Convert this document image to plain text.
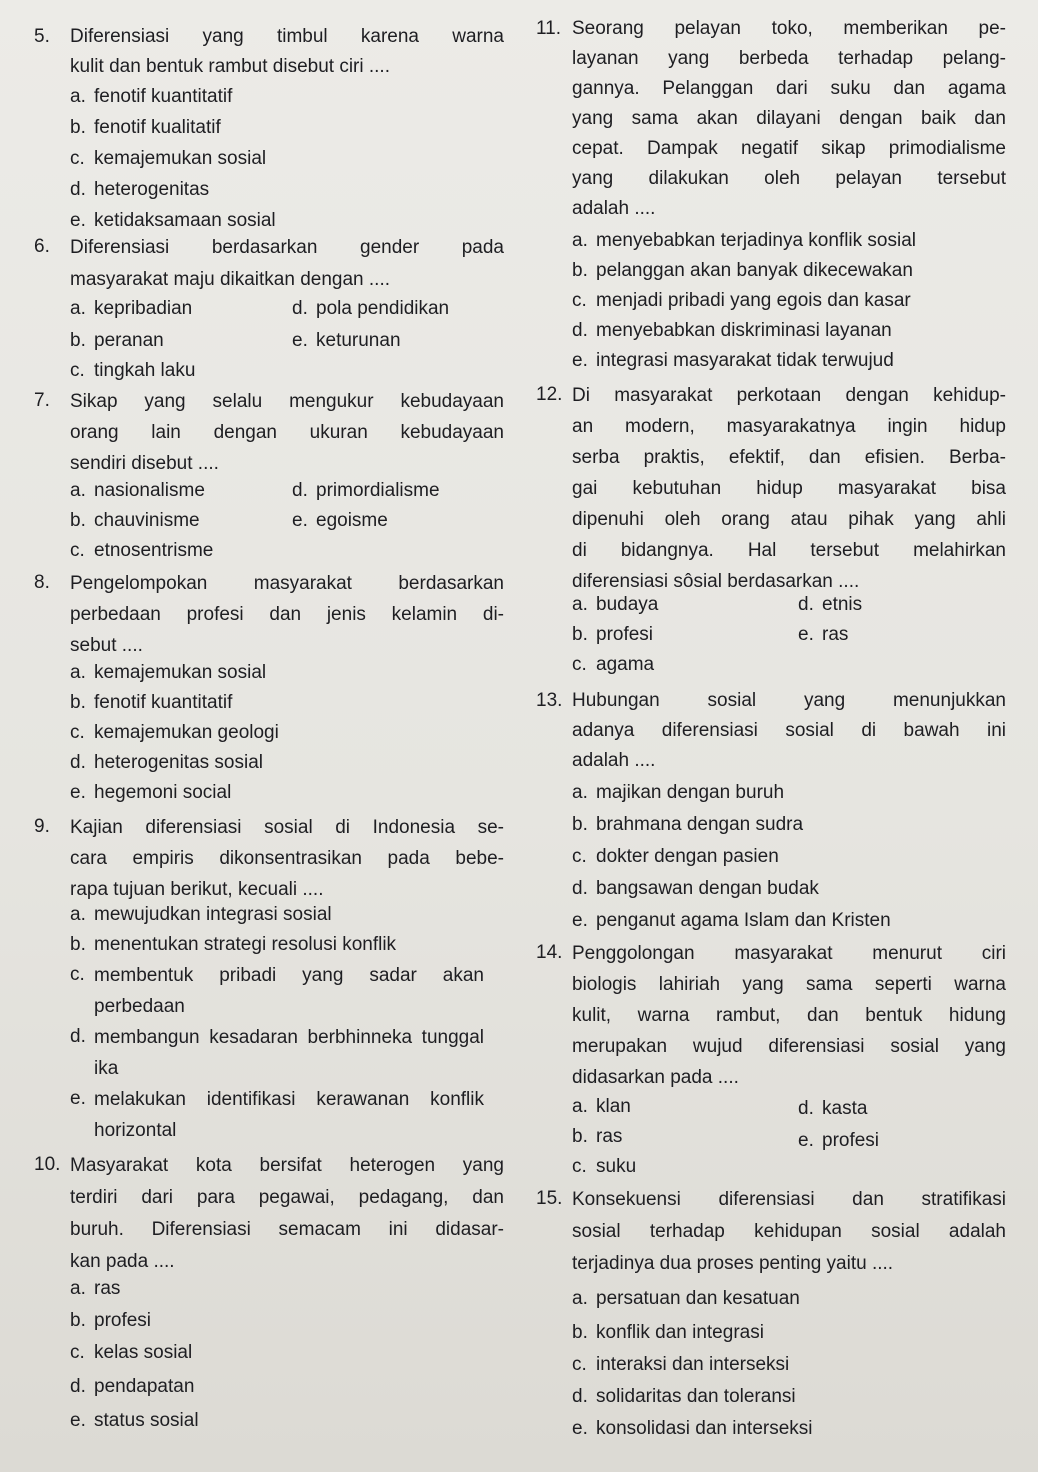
5. Diferensiasi yang timbul karena warna
kulit dan bentuk rambut disebut ciri ....
a. fenotif kuantitatif
b. fenotif kualitatif
c. kemajemukan sosial
d. heterogenitas
e. ketidaksamaan sosial
6. Diferensiasi berdasarkan gender pada
masyarakat maju dikaitkan dengan ....
a. kepribadian
b. peranan
c. tingkah laku
d. pola pendidikan
e. keturunan
7. Sikap yang selalu mengukur kebudayaan
orang lain dengan ukuran kebudayaan
sendiri disebut ....
a. nasionalisme
b. chauvinisme
c. etnosentrisme
d. primordialisme
e. egoisme
8. Pengelompokan masyarakat berdasarkan
perbedaan profesi dan jenis kelamin di-
sebut ....
a. kemajemukan sosial
b. fenotif kuantitatif
c. kemajemukan geologi
d. heterogenitas sosial
e. hegemoni social
9. Kajian diferensiasi sosial di Indonesia se-
cara empiris dikonsentrasikan pada bebe-
rapa tujuan berikut, kecuali ....
a. mewujudkan integrasi sosial
b. menentukan strategi resolusi konflik
c. membentuk pribadi yang sadar akan perbedaan
d. membangun kesadaran berbhinneka tunggal ika
e. melakukan identifikasi kerawanan konflik horizontal
10. Masyarakat kota bersifat heterogen yang
terdiri dari para pegawai, pedagang, dan
buruh. Diferensiasi semacam ini didasar-
kan pada ....
a. ras
b. profesi
c. kelas sosial
d. pendapatan
e. status sosial
11. Seorang pelayan toko, memberikan pe-
layanan yang berbeda terhadap pelang-
gannya. Pelanggan dari suku dan agama
yang sama akan dilayani dengan baik dan
cepat. Dampak negatif sikap primodialisme
yang dilakukan oleh pelayan tersebut
adalah ....
a. menyebabkan terjadinya konflik sosial
b. pelanggan akan banyak dikecewakan
c. menjadi pribadi yang egois dan kasar
d. menyebabkan diskriminasi layanan
e. integrasi masyarakat tidak terwujud
12. Di masyarakat perkotaan dengan kehidup-
an modern, masyarakatnya ingin hidup
serba praktis, efektif, dan efisien. Berba-
gai kebutuhan hidup masyarakat bisa
dipenuhi oleh orang atau pihak yang ahli
di bidangnya. Hal tersebut melahirkan
diferensiasi sôsial berdasarkan ....
a. budaya
b. profesi
c. agama
d. etnis
e. ras
13. Hubungan sosial yang menunjukkan
adanya diferensiasi sosial di bawah ini
adalah ....
a. majikan dengan buruh
b. brahmana dengan sudra
c. dokter dengan pasien
d. bangsawan dengan budak
e. penganut agama Islam dan Kristen
14. Penggolongan masyarakat menurut ciri
biologis lahiriah yang sama seperti warna
kulit, warna rambut, dan bentuk hidung
merupakan wujud diferensiasi sosial yang
didasarkan pada ....
a. klan
b. ras
c. suku
d. kasta
e. profesi
15. Konsekuensi diferensiasi dan stratifikasi
sosial terhadap kehidupan sosial adalah
terjadinya dua proses penting yaitu ....
a. persatuan dan kesatuan
b. konflik dan integrasi
c. interaksi dan interseksi
d. solidaritas dan toleransi
e. konsolidasi dan interseksi
